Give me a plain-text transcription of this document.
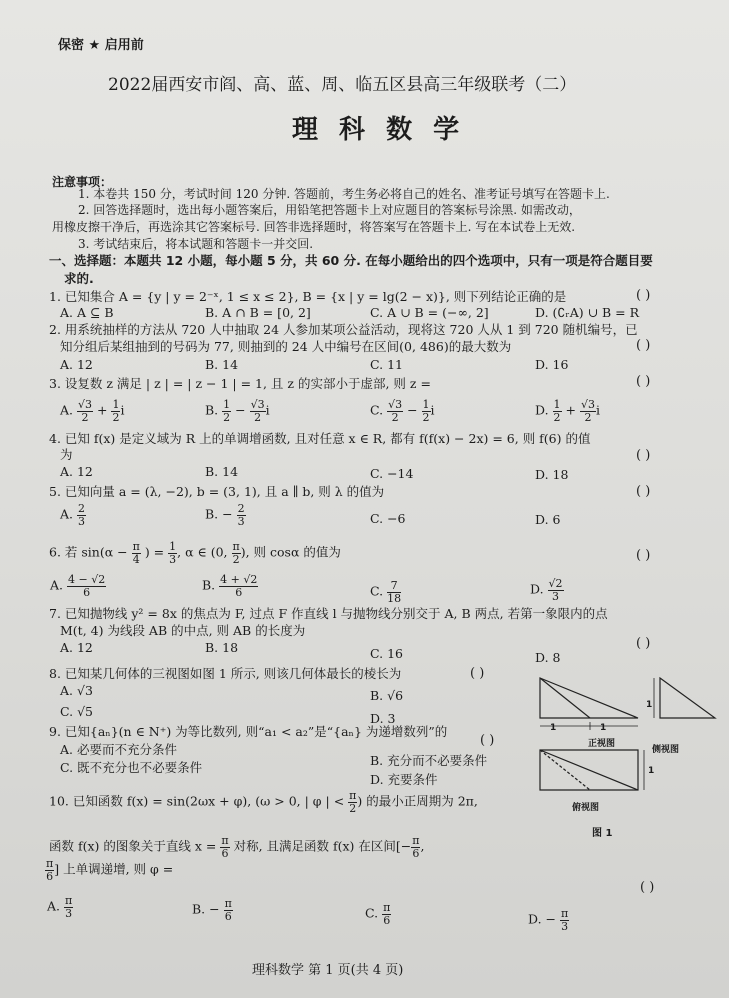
保密 ★ 启用前
2022届西安市阎、高、蓝、周、临五区县高三年级联考（二）
理 科 数 学
注意事项：
1. 本卷共 150 分，考试时间 120 分钟. 答题前，考生务必将自己的姓名、准考证号填写在答题卡上.
2. 回答选择题时，选出每小题答案后，用铅笔把答题卡上对应题目的答案标号涂黑. 如需改动，
用橡皮擦干净后，再选涂其它答案标号. 回答非选择题时，将答案写在答题卡上. 写在本试卷上无效.
3. 考试结束后，将本试题和答题卡一并交回.
一、选择题：本题共 12 小题，每小题 5 分，共 60 分. 在每小题给出的四个选项中，只有一项是符合题目要
求的.
1. 已知集合 A = {y | y = 2⁻ˣ, 1 ≤ x ≤ 2}, B = {x | y = lg(2 − x)}, 则下列结论正确的是	( )
A. A ⊆ B	B. A ∩ B = [0, 2]	C. A ∪ B = (−∞, 2]	D. (∁ᵣA) ∪ B = R
2. 用系统抽样的方法从 720 人中抽取 24 人参加某项公益活动，现将这 720 人从 1 到 720 随机编号，已
知分组后某组抽到的号码为 77, 则抽到的 24 人中编号在区间(0, 486)的最大数为	( )
A. 12	B. 14	C. 11	D. 16
3. 设复数 z 满足 | z | = | z − 1 | = 1, 且 z 的实部小于虚部, 则 z =	( )
A. $\frac{√3}{2} + \frac{1}{2}$ i	B. $\frac{1}{2} - \frac{√3}{2}$ i	C. $\frac{√3}{2} - \frac{1}{2}$ i	D. $\frac{1}{2} + \frac{√3}{2}$ i
4. 已知 f(x) 是定义域为 R 上的单调增函数, 且对任意 x ∈ R, 都有 f(f(x) − 2x) = 6, 则 f(6) 的值
为	( )
A. 12	B. 14	C. −14	D. 18
5. 已知向量 a = (λ, −2), b = (3, 1), 且 a ∥ b, 则 λ 的值为	( )
A. $\frac{2}{3}$	B. − $\frac{2}{3}$	C. −6	D. 6
6. 若 $\sin(\alpha - \frac{\pi}{4}$ ) = $\frac{1}{3}$ , α ∈ (0, $\frac{\pi}{2}$ ), 则 cosα 的值为	( )
A. $\frac{4 - √2}{6}$	B. $\frac{4 + √2}{6}$	C. $\frac{7}{18}$	D. $\frac{√2}{3}$
7. 已知抛物线 y² = 8x 的焦点为 F, 过点 F 作直线 l 与抛物线分别交于 A, B 两点, 若第一象限内的点
M(t, 4) 为线段 AB 的中点, 则 AB 的长度为
( )
A. 12	B. 18	C. 16	D. 8
8. 已知某几何体的三视图如图 1 所示, 则该几何体最长的棱长为	( )
A. √3	B. √6
C. √5	D. 3
9. 已知{aₙ}(n ∈ N⁺) 为等比数列, 则“a₁ < a₂”是“{aₙ} 为递增数列”的
( )
A. 必要而不充分条件
B. 充分而不必要条件
C. 既不充分也不必要条件
D. 充要条件
10. 已知函数 f(x) = sin(2ωx + φ), (ω > 0, | φ | < $\frac{\pi}{2}$ ) 的最小正周期为 2π,
函数 f(x) 的图象关于直线 $x = \frac{\pi}{6}$ 对称, 且满足函数 f(x) 在区间[− $\frac{\pi}{6}$ ,
$\frac{\pi}{6}$ ] 上单调递增, 则 φ =
( )
A. $\frac{\pi}{3}$	B. − $\frac{\pi}{6}$	C. $\frac{\pi}{6}$	D. − $\frac{\pi}{3}$
1	1
1
1
正视图
侧视图
俯视图
图 1
理科数学 第 1 页(共 4 页)
